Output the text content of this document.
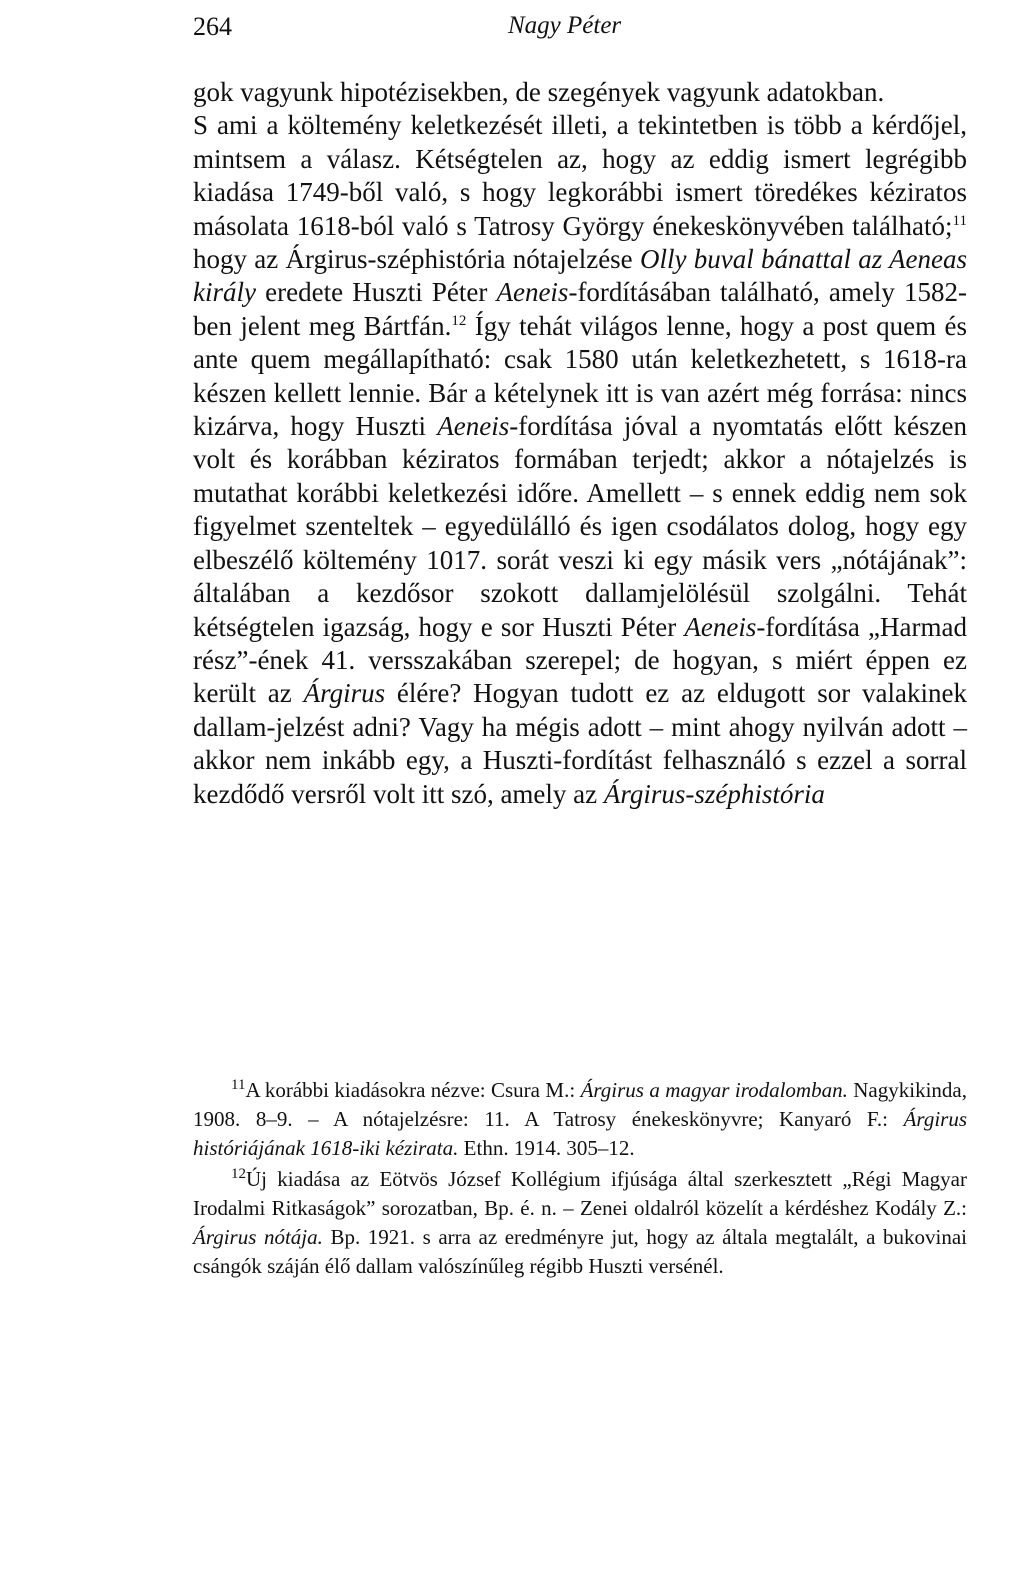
264	Nagy Péter

gok vagyunk hipotézisekben, de szegények vagyunk adatokban.

S ami a költemény keletkezését illeti, a tekintetben is több a kérdőjel, mintsem a válasz. Kétségtelen az, hogy az eddig ismert legrégibb kiadása 1749-ből való, s hogy legkorábbi ismert töredékes kéziratos másolata 1618-ból való s Tatrosy György énekeskönyvében található;$^{11}$ hogy az Árgirus-széphistória nótajelzése Olly buval bánattal az Aeneas király eredete Huszti Péter Aeneis-fordításában található, amely 1582-ben jelent meg Bártfán.$^{12}$ Így tehát világos lenne, hogy a post quem és ante quem megállapítható: csak 1580 után keletkezhetett, s 1618-ra készen kellett lennie. Bár a kételynek itt is van azért még forrása: nincs kizárva, hogy Huszti Aeneis-fordítása jóval a nyomtatás előtt készen volt és korábban kéziratos formában terjedt; akkor a nótajelzés is mutathat korábbi keletkezési időre. Amellett – s ennek eddig nem sok figyelmet szenteltek – egyedülálló és igen csodálatos dolog, hogy egy elbeszélő költemény 1017. sorát veszi ki egy másik vers „nótájának”: általában a kezdősor szokott dallamjelölésül szolgálni. Tehát kétségtelen igazság, hogy e sor Huszti Péter Aeneis-fordítása „Harmad rész”-ének 41. versszakában szerepel; de hogyan, s miért éppen ez került az Árgirus élére? Hogyan tudott ez az eldugott sor valakinek dallam-jelzést adni? Vagy ha mégis adott – mint ahogy nyilván adott – akkor nem inkább egy, a Huszti-fordítást felhasználó s ezzel a sorral kezdődő versről volt itt szó, amely az Árgirus-széphistória

$^{11}$A korábbi kiadásokra nézve: Csura M.: Árgirus a magyar irodalomban. Nagykikinda, 1908. 8–9. – A nótajelzésre: 11. A Tatrosy énekeskönyvre; Kanyaró F.: Árgirus históriájának 1618-iki kézirata. Ethn. 1914. 305–12.

$^{12}$Új kiadása az Eötvös József Kollégium ifjúsága által szerkesztett „Régi Magyar Irodalmi Ritkaságok” sorozatban, Bp. é. n. – Zenei oldalról közelít a kérdéshez Kodály Z.: Árgirus nótája. Bp. 1921. s arra az eredményre jut, hogy az általa megtalált, a bukovinai csángók száján élő dallam valószínűleg régibb Huszti versénél.
